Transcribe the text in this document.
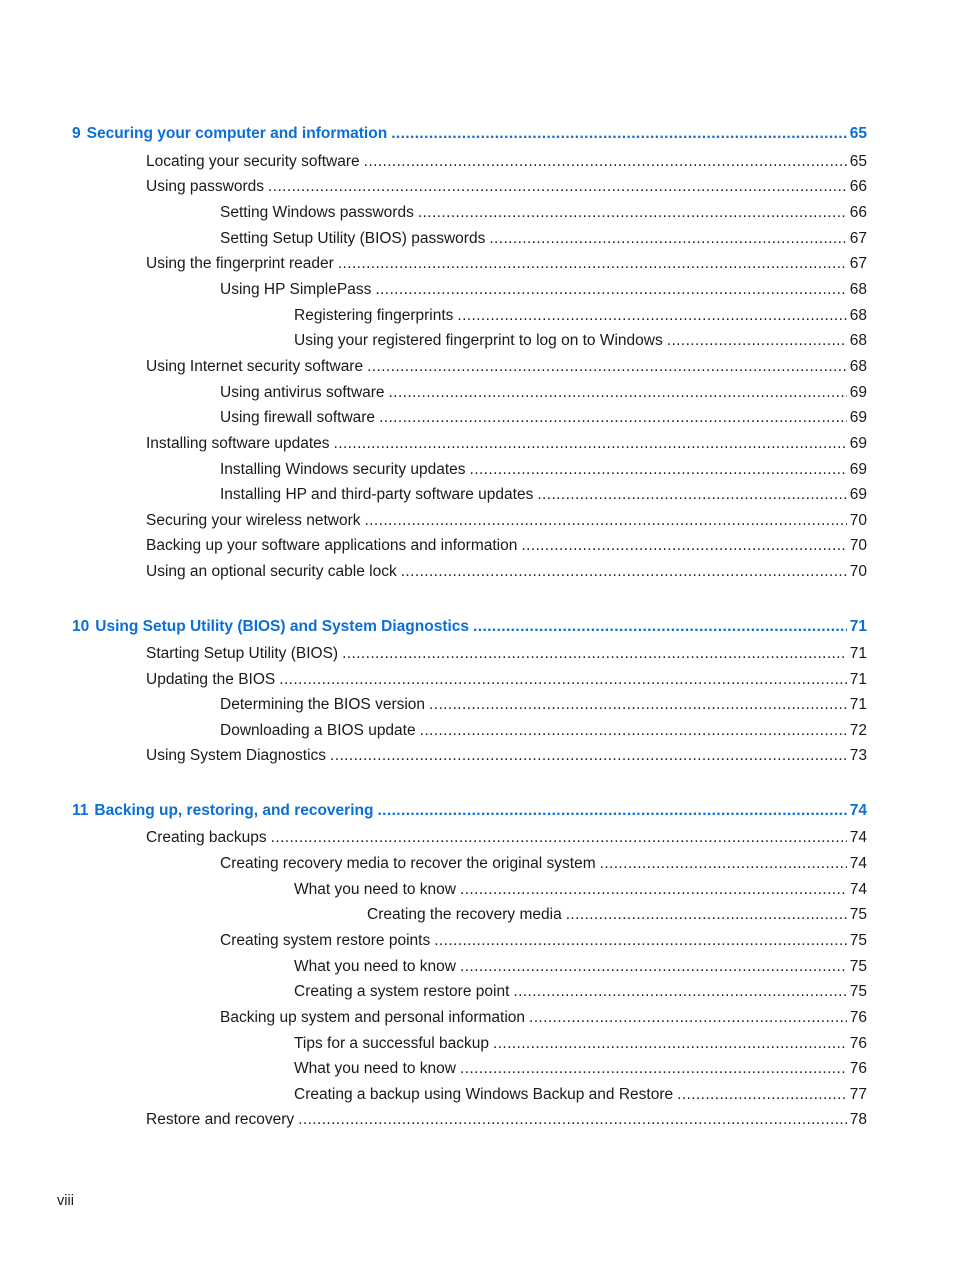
9 Securing your computer and information .....	65
Locating your security software .....	65
Using passwords .....	66
Setting Windows passwords .....	66
Setting Setup Utility (BIOS) passwords .....	67
Using the fingerprint reader .....	67
Using HP SimplePass .....	68
Registering fingerprints .....	68
Using your registered fingerprint to log on to Windows .....	68
Using Internet security software .....	68
Using antivirus software .....	69
Using firewall software .....	69
Installing software updates .....	69
Installing Windows security updates .....	69
Installing HP and third-party software updates .....	69
Securing your wireless network .....	70
Backing up your software applications and information .....	70
Using an optional security cable lock .....	70
10 Using Setup Utility (BIOS) and System Diagnostics .....	71
Starting Setup Utility (BIOS) .....	71
Updating the BIOS .....	71
Determining the BIOS version .....	71
Downloading a BIOS update .....	72
Using System Diagnostics .....	73
11 Backing up, restoring, and recovering .....	74
Creating backups .....	74
Creating recovery media to recover the original system .....	74
What you need to know .....	74
Creating the recovery media .....	75
Creating system restore points .....	75
What you need to know .....	75
Creating a system restore point .....	75
Backing up system and personal information .....	76
Tips for a successful backup .....	76
What you need to know .....	76
Creating a backup using Windows Backup and Restore .....	77
Restore and recovery .....	78
viii
